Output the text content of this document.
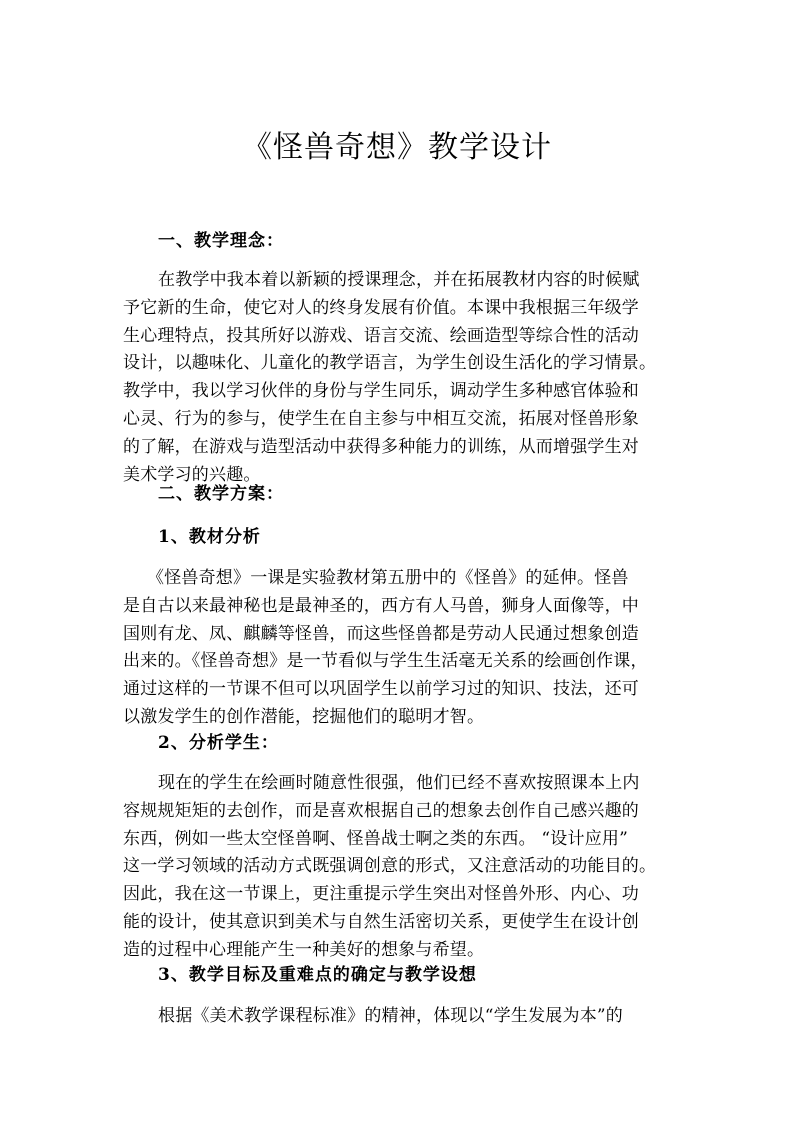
《怪兽奇想》教学设计
一、教学理念：
在教学中我本着以新颖的授课理念，并在拓展教材内容的时候赋
予它新的生命，使它对人的终身发展有价值。本课中我根据三年级学
生心理特点，投其所好以游戏、语言交流、绘画造型等综合性的活动
设计，以趣味化、儿童化的教学语言，为学生创设生活化的学习情景。
教学中，我以学习伙伴的身份与学生同乐，调动学生多种感官体验和
心灵、行为的参与，使学生在自主参与中相互交流，拓展对怪兽形象
的了解，在游戏与造型活动中获得多种能力的训练，从而增强学生对
美术学习的兴趣。
二、教学方案：
1、教材分析
《怪兽奇想》一课是实验教材第五册中的《怪兽》的延伸。怪兽
是自古以来最神秘也是最神圣的，西方有人马兽，狮身人面像等，中
国则有龙、凤、麒麟等怪兽，而这些怪兽都是劳动人民通过想象创造
出来的。《怪兽奇想》是一节看似与学生生活毫无关系的绘画创作课，
通过这样的一节课不但可以巩固学生以前学习过的知识、技法，还可
以激发学生的创作潜能，挖掘他们的聪明才智。
2、分析学生：
现在的学生在绘画时随意性很强，他们已经不喜欢按照课本上内
容规规矩矩的去创作，而是喜欢根据自己的想象去创作自己感兴趣的
东西，例如一些太空怪兽啊、怪兽战士啊之类的东西。 “设计应用”
这一学习领域的活动方式既强调创意的形式，又注意活动的功能目的。
因此，我在这一节课上，更注重提示学生突出对怪兽外形、内心、功
能的设计，使其意识到美术与自然生活密切关系，更使学生在设计创
造的过程中心理能产生一种美好的想象与希望。
3、教学目标及重难点的确定与教学设想
根据《美术教学课程标准》的精神，体现以“学生发展为本”的
